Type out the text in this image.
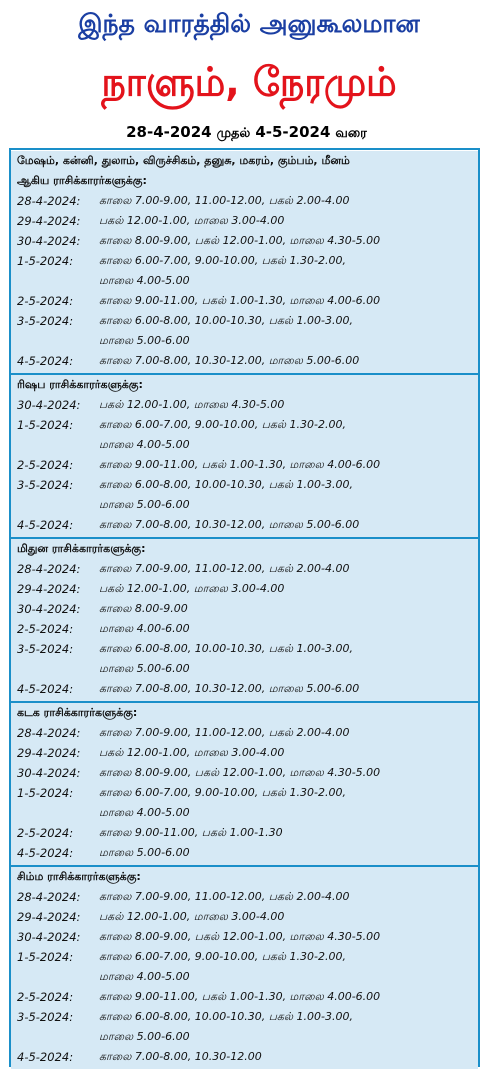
இந்த வாரத்தில் அனுகூலமான
நாளும், நேரமும்
28-4-2024 முதல் 4-5-2024 வரை
மேஷம், கன்னி, துலாம், விருச்சிகம், தனுசு, மகரம், கும்பம், மீனம்
ஆகிய ராசிக்காரர்களுக்கு:
28-4-2024: காலை 7.00-9.00, 11.00-12.00, பகல் 2.00-4.00
29-4-2024: பகல் 12.00-1.00, மாலை 3.00-4.00
30-4-2024: காலை 8.00-9.00, பகல் 12.00-1.00, மாலை 4.30-5.00
1-5-2024: காலை 6.00-7.00, 9.00-10.00, பகல் 1.30-2.00,
மாலை 4.00-5.00
2-5-2024: காலை 9.00-11.00, பகல் 1.00-1.30, மாலை 4.00-6.00
3-5-2024: காலை 6.00-8.00, 10.00-10.30, பகல் 1.00-3.00,
மாலை 5.00-6.00
4-5-2024: காலை 7.00-8.00, 10.30-12.00, மாலை 5.00-6.00
ரிஷப ராசிக்காரர்களுக்கு:
30-4-2024: பகல் 12.00-1.00, மாலை 4.30-5.00
1-5-2024: காலை 6.00-7.00, 9.00-10.00, பகல் 1.30-2.00,
மாலை 4.00-5.00
2-5-2024: காலை 9.00-11.00, பகல் 1.00-1.30, மாலை 4.00-6.00
3-5-2024: காலை 6.00-8.00, 10.00-10.30, பகல் 1.00-3.00,
மாலை 5.00-6.00
4-5-2024: காலை 7.00-8.00, 10.30-12.00, மாலை 5.00-6.00
மிதுன ராசிக்காரர்களுக்கு:
28-4-2024: காலை 7.00-9.00, 11.00-12.00, பகல் 2.00-4.00
29-4-2024: பகல் 12.00-1.00, மாலை 3.00-4.00
30-4-2024: காலை 8.00-9.00
2-5-2024: மாலை 4.00-6.00
3-5-2024: காலை 6.00-8.00, 10.00-10.30, பகல் 1.00-3.00,
மாலை 5.00-6.00
4-5-2024: காலை 7.00-8.00, 10.30-12.00, மாலை 5.00-6.00
கடக ராசிக்காரர்களுக்கு:
28-4-2024: காலை 7.00-9.00, 11.00-12.00, பகல் 2.00-4.00
29-4-2024: பகல் 12.00-1.00, மாலை 3.00-4.00
30-4-2024: காலை 8.00-9.00, பகல் 12.00-1.00, மாலை 4.30-5.00
1-5-2024: காலை 6.00-7.00, 9.00-10.00, பகல் 1.30-2.00,
மாலை 4.00-5.00
2-5-2024: காலை 9.00-11.00, பகல் 1.00-1.30
4-5-2024: மாலை 5.00-6.00
சிம்ம ராசிக்காரர்களுக்கு:
28-4-2024: காலை 7.00-9.00, 11.00-12.00, பகல் 2.00-4.00
29-4-2024: பகல் 12.00-1.00, மாலை 3.00-4.00
30-4-2024: காலை 8.00-9.00, பகல் 12.00-1.00, மாலை 4.30-5.00
1-5-2024: காலை 6.00-7.00, 9.00-10.00, பகல் 1.30-2.00,
மாலை 4.00-5.00
2-5-2024: காலை 9.00-11.00, பகல் 1.00-1.30, மாலை 4.00-6.00
3-5-2024: காலை 6.00-8.00, 10.00-10.30, பகல் 1.00-3.00,
மாலை 5.00-6.00
4-5-2024: காலை 7.00-8.00, 10.30-12.00
